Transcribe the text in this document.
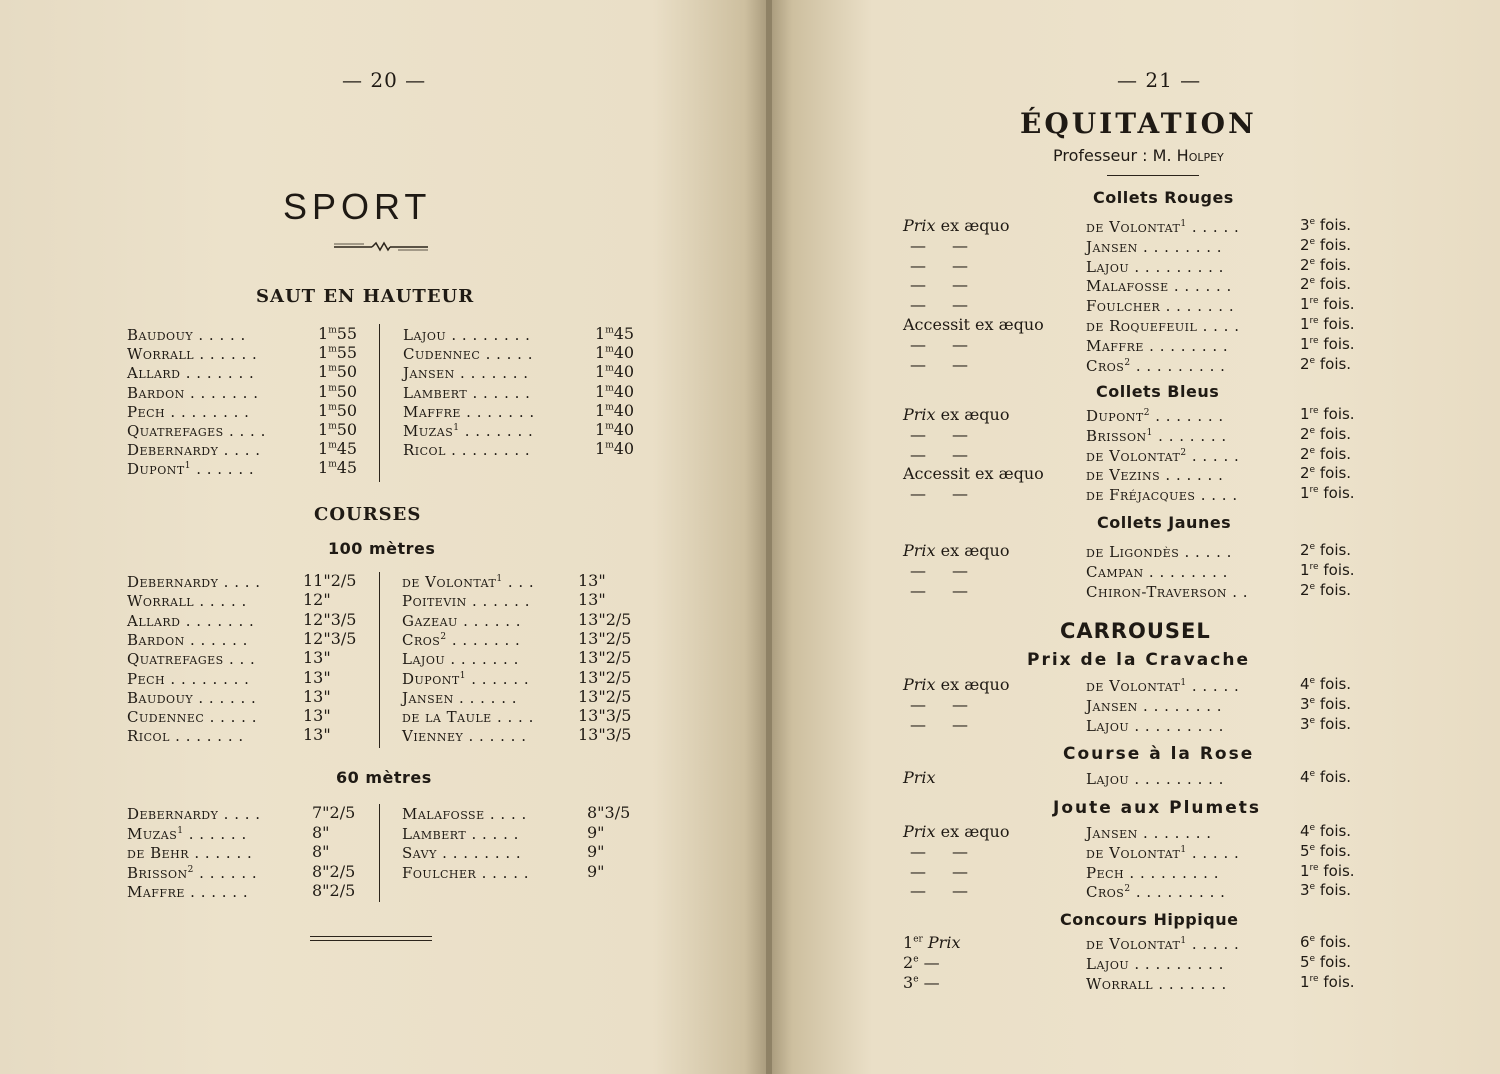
— 20 —
SPORT
SAUT EN HAUTEUR
Baudouy . . . . .	1$^m$55
Worrall . . . . . .	1$^m$55
Allard . . . . . . .	1$^m$50
Bardon . . . . . . .	1$^m$50
Pech . . . . . . . .	1$^m$50
Quatrefages . . . .	1$^m$50
Debernardy . . . .	1$^m$45
Dupont$^1$ . . . . . .	1$^m$45
Lajou . . . . . . . .	1$^m$45
Cudennec . . . . .	1$^m$40
Jansen . . . . . . .	1$^m$40
Lambert . . . . . .	1$^m$40
Maffre . . . . . . .	1$^m$40
Muzas$^1$ . . . . . . .	1$^m$40
Ricol . . . . . . . .	1$^m$40
COURSES
100 mètres
Debernardy . . . .	11"2/5
Worrall . . . . .	12"
Allard . . . . . . .	12"3/5
Bardon . . . . . .	12"3/5
Quatrefages . . .	13"
Pech . . . . . . . .	13"
Baudouy . . . . . .	13"
Cudennec . . . . .	13"
Ricol . . . . . . .	13"
de Volontat$^1$ . . .	13"
Poitevin . . . . . .	13"
Gazeau . . . . . .	13"2/5
Cros$^2$ . . . . . . .	13"2/5
Lajou . . . . . . .	13"2/5
Dupont$^1$ . . . . . .	13"2/5
Jansen . . . . . .	13"2/5
de la Taule . . . .	13"3/5
Vienney . . . . . .	13"3/5
60 mètres
Debernardy . . . .	7"2/5
Muzas$^1$ . . . . . .	8"
de Behr . . . . . .	8"
Brisson$^2$ . . . . . .	8"2/5
Maffre . . . . . .	8"2/5
Malafosse . . . .	8"3/5
Lambert . . . . .	9"
Savy . . . . . . . .	9"
Foulcher . . . . .	9"
— 21 —
ÉQUITATION
Professeur : M. Holpey
Collets Rouges
Prix ex æquo	de Volontat$^1$ . . . . .	3e fois.
— —	Jansen . . . . . . . .	2e fois.
— —	Lajou . . . . . . . . .	2e fois.
— —	Malafosse . . . . . .	2e fois.
— —	Foulcher . . . . . . .	1re fois.
Accessit ex æquo	de Roquefeuil . . . .	1re fois.
— —	Maffre . . . . . . . .	1re fois.
— —	Cros$^2$ . . . . . . . . .	2e fois.
Collets Bleus
Prix ex æquo	Dupont$^2$ . . . . . . .	1re fois.
— —	Brisson$^1$ . . . . . . .	2e fois.
— —	de Volontat$^2$ . . . . .	2e fois.
Accessit ex æquo	de Vezins . . . . . .	2e fois.
— —	de Fréjacques . . . .	1re fois.
Collets Jaunes
Prix ex æquo	de Ligondès . . . . .	2e fois.
— —	Campan . . . . . . . .	1re fois.
— —	Chiron-Traverson . .	2e fois.
CARROUSEL
Prix de la Cravache
Prix ex æquo	de Volontat$^1$ . . . . .	4e fois.
— —	Jansen . . . . . . . .	3e fois.
— —	Lajou . . . . . . . . .	3e fois.
Course à la Rose
Prix	Lajou . . . . . . . . .	4e fois.
Joute aux Plumets
Prix ex æquo	Jansen . . . . . . .	4e fois.
— —	de Volontat$^1$ . . . . .	5e fois.
— —	Pech . . . . . . . . .	1re fois.
— —	Cros$^2$ . . . . . . . . .	3e fois.
Concours Hippique
1er Prix	de Volontat$^1$ . . . . .	6e fois.
2e —	Lajou . . . . . . . . .	5e fois.
3e —	Worrall . . . . . . .	1re fois.
